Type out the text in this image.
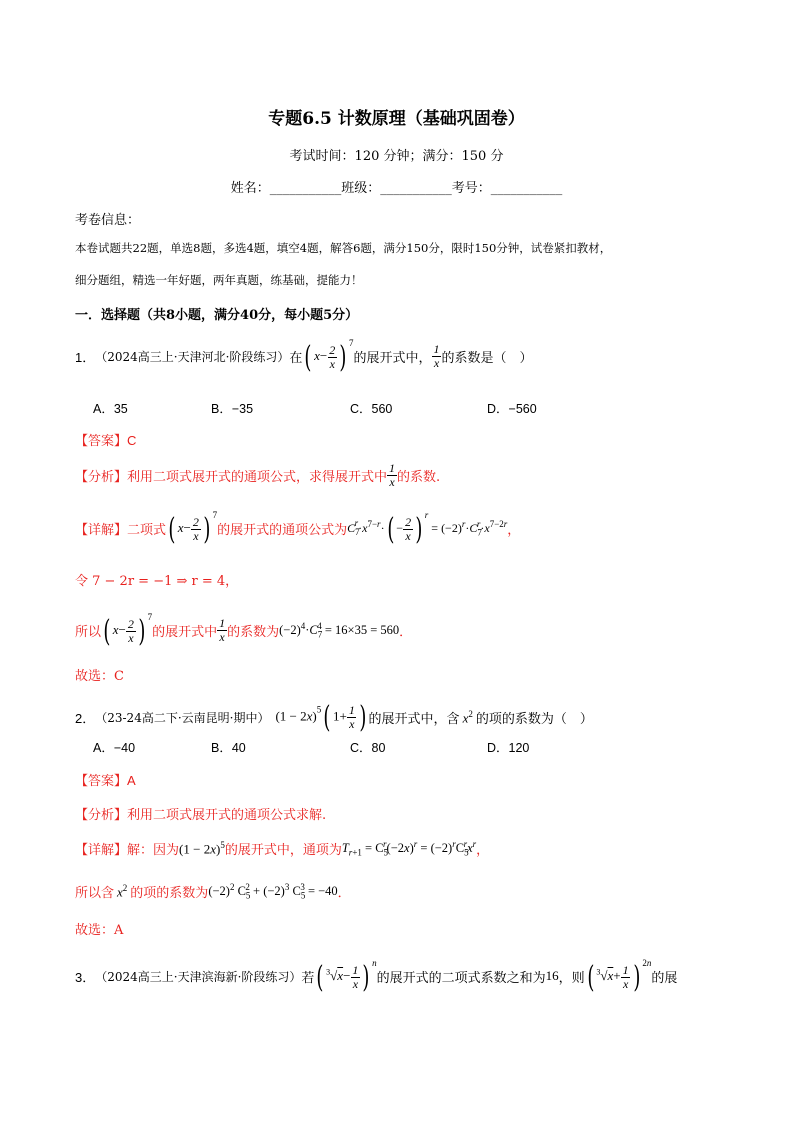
专题6.5 计数原理（基础巩固卷）
考试时间：120 分钟；满分：150 分
姓名：___________班级：___________考号：___________
考卷信息：
本卷试题共22题，单选8题，多选4题，填空4题，解答6题，满分150分，限时150分钟，试卷紧扣教材，
细分题组，精选一年好题，两年真题，练基础，提能力！
一．选择题（共8小题，满分40分，每小题5分）
1． （2024高三上·天津河北·阶段练习） 在 ( $x- \frac{2}{x}$ ) $^7$
的展开式中， $\frac{1}{x}$ 的系数是（　）
A．35	B．−35	C．560	D．−560
【答案】C
【分析】 利用二项式展开式的通项公式，求得展开式中 $\frac{1}{x}$ 的系数.
【详解】 二项式 ( $x- \frac{2}{x}$ ) $^7$
的展开式的通项公式为 $C_7^r\cdot x^{7-r}\cdot( - \frac{2}{x}$ ) $^r = (-2)^r\cdot C_7^r\cdot x^{7-2r}$ ，
令 7 − 2r = −1 ⇒ r = 4，
所以 ( $x- \frac{2}{x}$ ) $^7$
的展开式中 $\frac{1}{x}$ 的系数为 $(-2)^4\cdot C_7^4 = 16\times 35 = 560$ ．
故选：C
2． （23-24高二下·云南昆明·期中） $(1 - 2x)^5$( $1+ \frac{1}{x}$ ) 的展开式中，含 $x^2$ 的项的系数为（　）
A．−40	B．40	C．80	D．120
【答案】A
【分析】利用二项式展开式的通项公式求解.
【详解】 解：因为 $(1 - 2x)^5$ 的展开式中，通项为 $T_{r+1} = C_5^r(-2x)^r = (-2)^rC_5^rx^r$ ，
所以含 $x^2$ 的项的系数为 $(-2)^2$ $C_5^2 + (-2)^3$ $C_5^3 = -40$ ．
故选：A
3． （2024高三上·天津滨海新·阶段练习） 若 ( $^3√x- \frac{1}{x}$ ) $^n$
的展开式的二项式系数之和为 16 ，则 ( $^3√x+ \frac{1}{x}$ ) $^{2n}$
的展
